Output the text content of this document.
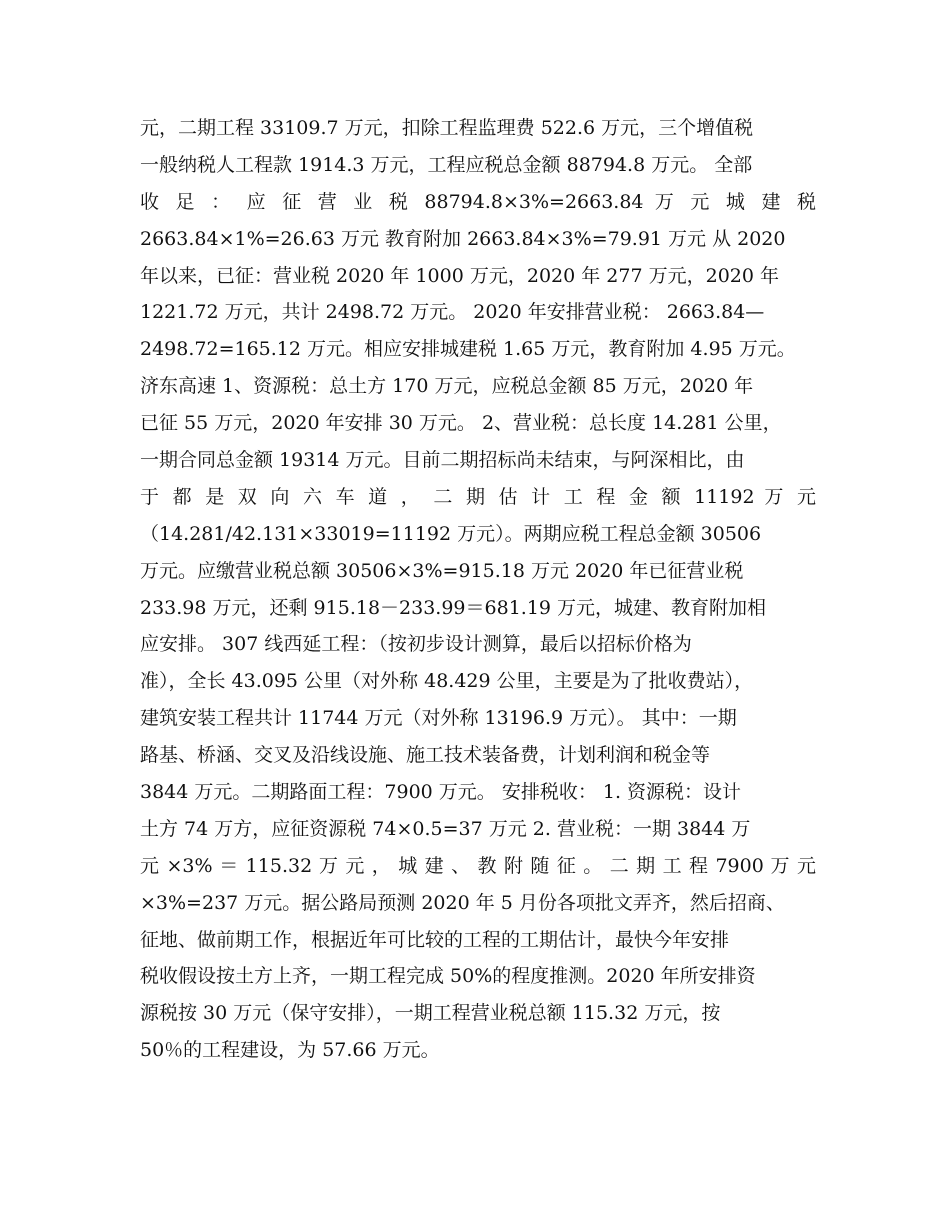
元，二期工程 33109.7 万元，扣除工程监理费 522.6 万元，三个增值税
一般纳税人工程款 1914.3 万元，工程应税总金额 88794.8 万元。 全部
收 足 ： 应 征 营 业 税 88794.8×3%=2663.84 万 元 城 建 税
2663.84×1%=26.63 万元 教育附加 2663.84×3%=79.91 万元 从 2020
年以来，已征：营业税 2020 年 1000 万元，2020 年 277 万元，2020 年
1221.72 万元，共计 2498.72 万元。 2020 年安排营业税： 2663.84—
2498.72=165.12 万元。相应安排城建税 1.65 万元，教育附加 4.95 万元。
济东高速 1、资源税：总土方 170 万元，应税总金额 85 万元，2020 年
已征 55 万元，2020 年安排 30 万元。 2、营业税：总长度 14.281 公里，
一期合同总金额 19314 万元。目前二期招标尚未结束，与阿深相比，由
于 都 是 双 向 六 车 道 ， 二 期 估 计 工 程 金 额 11192 万 元
（14.281/42.131×33019=11192 万元）。两期应税工程总金额 30506
万元。应缴营业税总额 30506×3%=915.18 万元 2020 年已征营业税
233.98 万元，还剩 915.18－233.99＝681.19 万元，城建、教育附加相
应安排。 307 线西延工程：（按初步设计测算，最后以招标价格为
准），全长 43.095 公里（对外称 48.429 公里，主要是为了批收费站），
建筑安装工程共计 11744 万元（对外称 13196.9 万元）。 其中：一期
路基、桥涵、交叉及沿线设施、施工技术装备费，计划利润和税金等
3844 万元。二期路面工程：7900 万元。 安排税收： 1. 资源税：设计
土方 74 万方，应征资源税 74×0.5=37 万元 2. 营业税：一期 3844 万
元 ×3% ＝ 115.32 万 元 ， 城 建 、 教 附 随 征 。 二 期 工 程 7900 万 元
×3%=237 万元。据公路局预测 2020 年 5 月份各项批文弄齐，然后招商、
征地、做前期工作，根据近年可比较的工程的工期估计，最快今年安排
税收假设按土方上齐，一期工程完成 50%的程度推测。2020 年所安排资
源税按 30 万元（保守安排），一期工程营业税总额 115.32 万元，按
50％的工程建设，为 57.66 万元。
